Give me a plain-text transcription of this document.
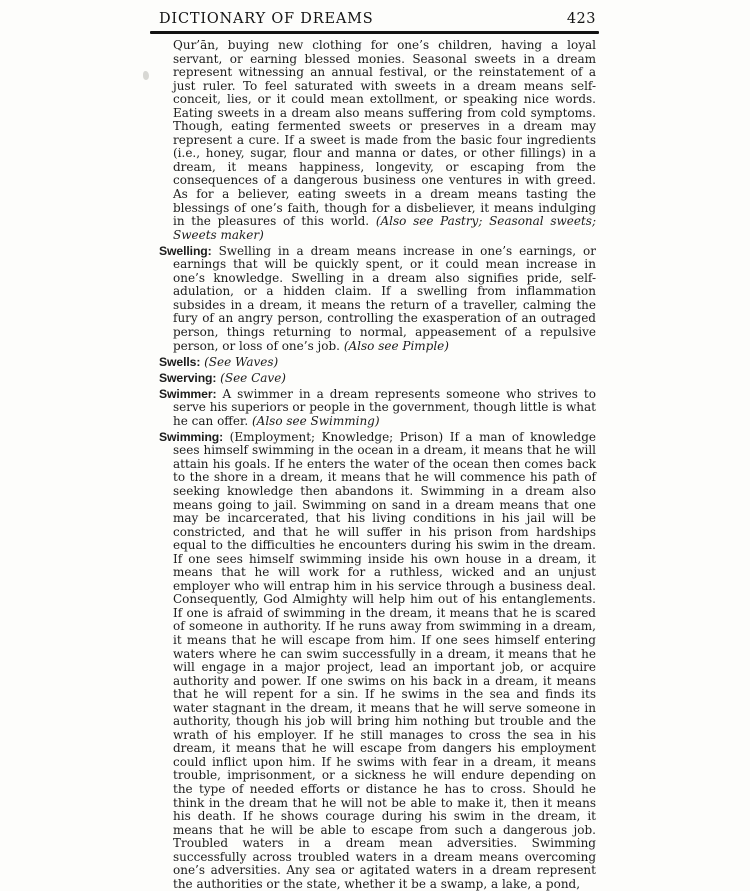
DICTIONARY OF DREAMS	423

Qur’ān, buying new clothing for one’s children, having a loyal servant, or earning blessed monies. Seasonal sweets in a dream represent witnessing an annual festival, or the reinstatement of a just ruler. To feel saturated with sweets in a dream means self-conceit, lies, or it could mean extollment, or speaking nice words. Eating sweets in a dream also means suffering from cold symptoms. Though, eating fermented sweets or preserves in a dream may represent a cure. If a sweet is made from the basic four ingredients (i.e., honey, sugar, flour and manna or dates, or other fillings) in a dream, it means happiness, longevity, or escaping from the consequences of a dangerous business one ventures in with greed. As for a believer, eating sweets in a dream means tasting the blessings of one’s faith, though for a disbeliever, it means indulging in the pleasures of this world. (Also see Pastry; Seasonal sweets; Sweets maker)

Swelling: Swelling in a dream means increase in one’s earnings, or earnings that will be quickly spent, or it could mean increase in one’s knowledge. Swelling in a dream also signifies pride, self-adulation, or a hidden claim. If a swelling from inflammation subsides in a dream, it means the return of a traveller, calming the fury of an angry person, controlling the exasperation of an outraged person, things returning to normal, appeasement of a repulsive person, or loss of one’s job. (Also see Pimple)

Swells: (See Waves)

Swerving: (See Cave)

Swimmer: A swimmer in a dream represents someone who strives to serve his superiors or people in the government, though little is what he can offer. (Also see Swimming)

Swimming: (Employment; Knowledge; Prison) If a man of knowledge sees himself swimming in the ocean in a dream, it means that he will attain his goals. If he enters the water of the ocean then comes back to the shore in a dream, it means that he will commence his path of seeking knowledge then abandons it. Swimming in a dream also means going to jail. Swimming on sand in a dream means that one may be incarcerated, that his living conditions in his jail will be constricted, and that he will suffer in his prison from hardships equal to the difficulties he encounters during his swim in the dream. If one sees himself swimming inside his own house in a dream, it means that he will work for a ruthless, wicked and an unjust employer who will entrap him in his service through a business deal. Consequently, God Almighty will help him out of his entanglements. If one is afraid of swimming in the dream, it means that he is scared of someone in authority. If he runs away from swimming in a dream, it means that he will escape from him. If one sees himself entering waters where he can swim successfully in a dream, it means that he will engage in a major project, lead an important job, or acquire authority and power. If one swims on his back in a dream, it means that he will repent for a sin. If he swims in the sea and finds its water stagnant in the dream, it means that he will serve someone in authority, though his job will bring him nothing but trouble and the wrath of his employer. If he still manages to cross the sea in his dream, it means that he will escape from dangers his employment could inflict upon him. If he swims with fear in a dream, it means trouble, imprisonment, or a sickness he will endure depending on the type of needed efforts or distance he has to cross. Should he think in the dream that he will not be able to make it, then it means his death. If he shows courage during his swim in the dream, it means that he will be able to escape from such a dangerous job. Troubled waters in a dream mean adversities. Swimming successfully across troubled waters in a dream means overcoming one’s adversities. Any sea or agitated waters in a dream represent the authorities or the state, whether it be a swamp, a lake, a pond,
